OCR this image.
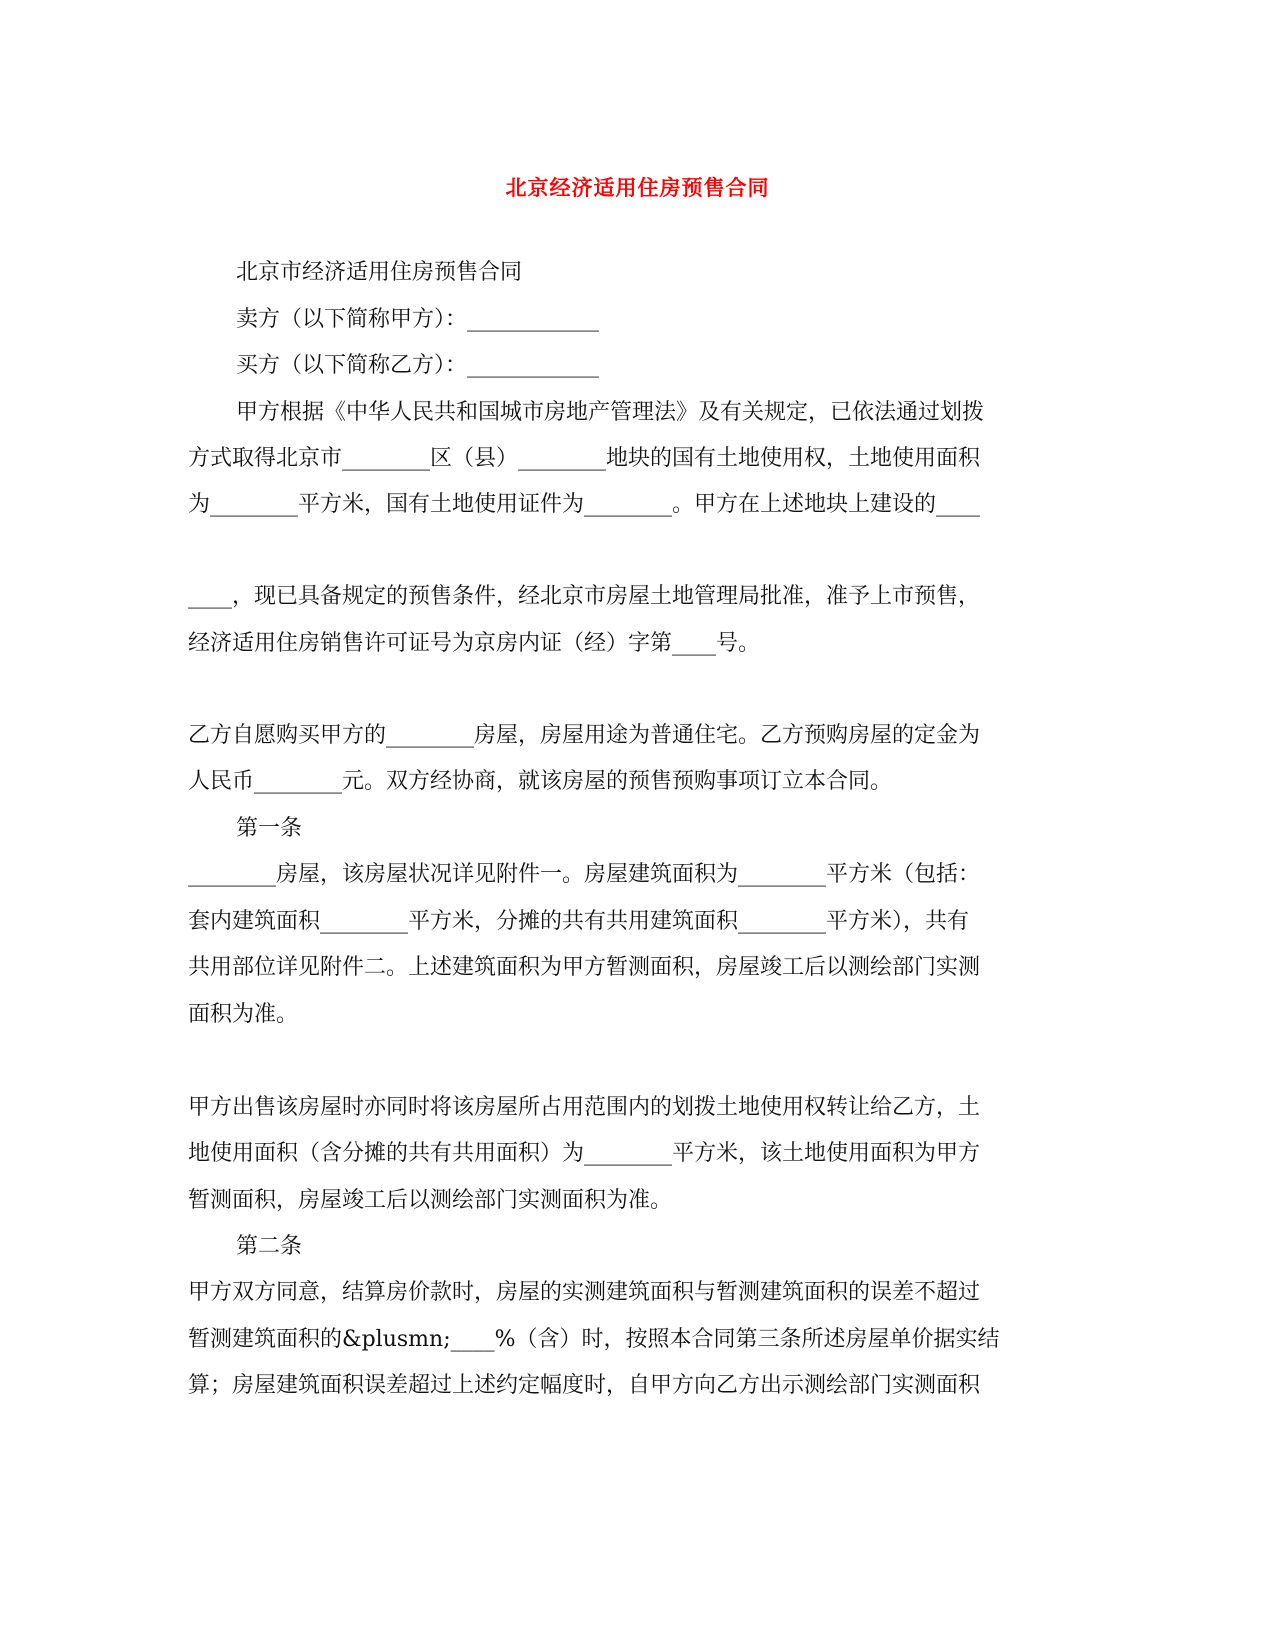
北京经济适用住房预售合同
北京市经济适用住房预售合同
卖方（以下简称甲方）：____________
买方（以下简称乙方）：____________
甲方根据《中华人民共和国城市房地产管理法》及有关规定，已依法通过划拨
方式取得北京市________区（县）________地块的国有土地使用权，土地使用面积
为________平方米，国有土地使用证件为________。甲方在上述地块上建设的____
____，现已具备规定的预售条件，经北京市房屋土地管理局批准，准予上市预售，
经济适用住房销售许可证号为京房内证（经）字第____号。
乙方自愿购买甲方的________房屋，房屋用途为普通住宅。乙方预购房屋的定金为
人民币________元。双方经协商，就该房屋的预售预购事项订立本合同。
第一条
________房屋，该房屋状况详见附件一。房屋建筑面积为________平方米（包括：
套内建筑面积________平方米，分摊的共有共用建筑面积________平方米），共有
共用部位详见附件二。上述建筑面积为甲方暂测面积，房屋竣工后以测绘部门实测
面积为准。
甲方出售该房屋时亦同时将该房屋所占用范围内的划拨土地使用权转让给乙方，土
地使用面积（含分摊的共有共用面积）为________平方米，该土地使用面积为甲方
暂测面积，房屋竣工后以测绘部门实测面积为准。
第二条
甲方双方同意，结算房价款时，房屋的实测建筑面积与暂测建筑面积的误差不超过
暂测建筑面积的&plusmn;____%（含）时，按照本合同第三条所述房屋单价据实结
算；房屋建筑面积误差超过上述约定幅度时，自甲方向乙方出示测绘部门实测面积
